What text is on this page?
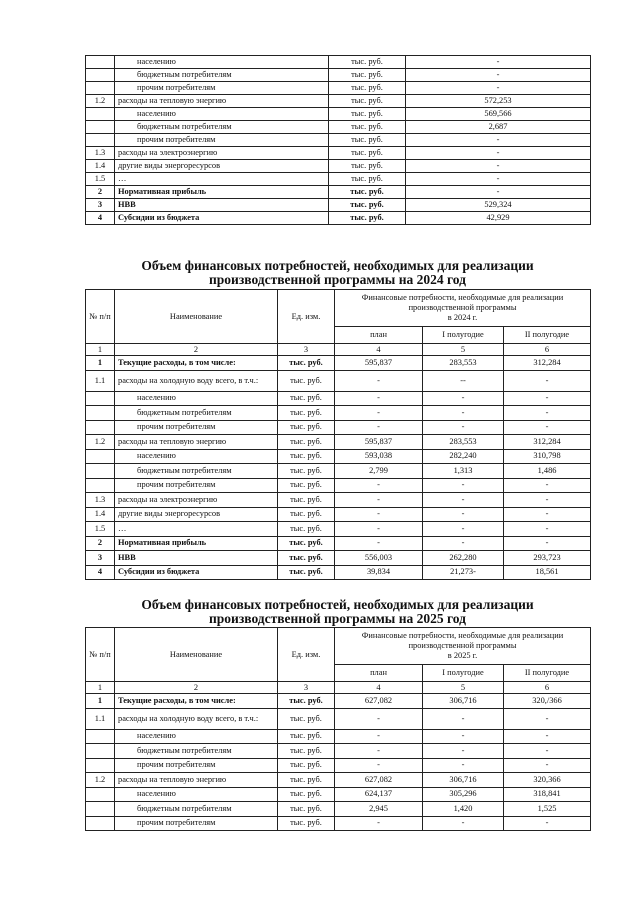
	населению	тыс. руб.	-
	бюджетным потребителям	тыс. руб.	-
	прочим потребителям	тыс. руб.	-
1.2	расходы на тепловую энергию	тыс. руб.	572,253
	населению	тыс. руб.	569,566
	бюджетным потребителям	тыс. руб.	2,687
	прочим потребителям	тыс. руб.	-
1.3	расходы на электроэнергию	тыс. руб.	-
1.4	другие виды энергоресурсов	тыс. руб.	-
1.5	…	тыс. руб.	-
2	Нормативная прибыль	тыс. руб.	-
3	НВВ	тыс. руб.	529,324
4	Субсидии из бюджета	тыс. руб.	42,929
Объем финансовых потребностей, необходимых для реализации
производственной программы на 2024 год
№ п/п	Наименование	Ед. изм.	Финансовые потребности, необходимые для реализации
производственной программы
в 2024 г.		

			план	I полугодие	II полугодие
1	2	3	4	5	6
1	Текущие расходы, в том числе:	тыс. руб.	595,837	283,553	312,284
1.1	расходы на холодную воду всего, в т.ч.:	тыс. руб.	-	--	-
	населению	тыс. руб.	-	-	-
	бюджетным потребителям	тыс. руб.	-	-	-
	прочим потребителям	тыс. руб.	-	-	-
1.2	расходы на тепловую энергию	тыс. руб.	595,837	283,553	312,284
	населению	тыс. руб.	593,038	282,240	310,798
	бюджетным потребителям	тыс. руб.	2,799	1,313	1,486
	прочим потребителям	тыс. руб.	-	-	-
1.3	расходы на электроэнергию	тыс. руб.	-	-	-
1.4	другие виды энергоресурсов	тыс. руб.	-	-	-
1.5	…	тыс. руб.	-	-	-
2	Нормативная прибыль	тыс. руб.	-	-	-
3	НВВ	тыс. руб.	556,003	262,280	293,723
4	Субсидии из бюджета	тыс. руб.	39,834	21,273-	18,561
Объем финансовых потребностей, необходимых для реализации
производственной программы на 2025 год
№ п/п	Наименование	Ед. изм.	Финансовые потребности, необходимые для реализации
производственной программы
в 2025 г.		

			план	I полугодие	II полугодие
1	2	3	4	5	6
1	Текущие расходы, в том числе:	тыс. руб.	627,082	306,716	320,/366
1.1	расходы на холодную воду всего, в т.ч.:	тыс. руб.	-	-	-
	населению	тыс. руб.	-	-	-
	бюджетным потребителям	тыс. руб.	-	-	-
	прочим потребителям	тыс. руб.	-	-	-
1.2	расходы на тепловую энергию	тыс. руб.	627,082	306,716	320,366
	населению	тыс. руб.	624,137	305,296	318,841
	бюджетным потребителям	тыс. руб.	2,945	1,420	1,525
	прочим потребителям	тыс. руб.	-	-	-
